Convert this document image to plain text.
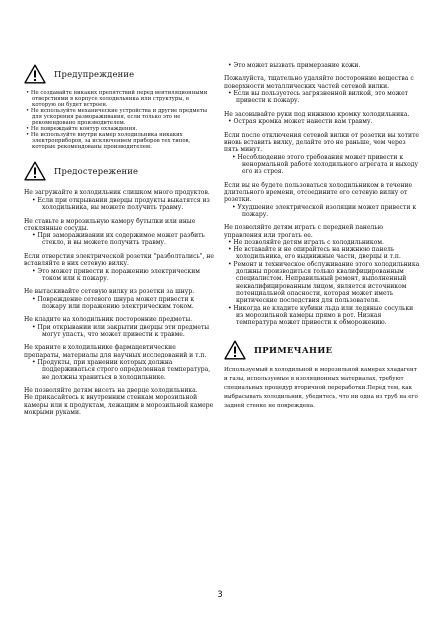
Предупреждение
• Не создавайте никаких препятствий перед вентиляционными отверстиями в корпусе холодильника или структуры, в которую он будет встроен.
• Не используйте механические устройства и другие предметы для ускорения размораживания, если только это не рекомендовано производителем.
• Не повреждайте контур охлаждения.
• Не используйте внутри камер холодильника никаких электроприборов, за исключением приборов тех типов, которые рекомендованы производителем.
Предостережение

Не загружайте в холодильник слишком много продуктов.

• Если при открывании дверцы продукты выкатятся из холодильника, вы можете получить травму.

Не ставьте в морозильную камеру бутылки или иные стеклянные сосуды.

• При замораживании их содержимое может разбить стекло, и вы можете получить травму.

Если отверстия электрической розетки "разболтались", не вставляйте в них сетевую вилку.

• Это может привести к поражению электрическим током или к пожару.

Не вытаскивайте сетевую вилку из розетки за шнур.

• Повреждение сетевого шнура может привести к пожару или поражению электрическим током.

Не кладите на холодильник посторонние предметы.

• При открывании или закрытии дверцы эти предметы могут упасть, что может привести к травме.

Не храните в холодильнике фармацевтические препараты, материалы для научных исследований и т.п.

• Продукты, при хранении которых должна поддерживаться строго определенная температура, не должны храниться в холодильнике.

Не позволяйте детям висеть на дверце холодильника.

Не прикасайтесь к внутренним стенкам морозильной камеры или к продуктам, лежащим в морозильной камере мокрыми руками.

• Это может вызвать примерзание кожи.

Пожалуйста, тщательно удаляйте посторонние вещества с поверхности металлических частей сетевой вилки.

• Если вы пользуетесь загрязненной вилкой, это может привести к пожару.

Не засовывайте руки под нижнюю кромку холодильника.

• Острая кромка может нанести вам травму.

Если после отключения сетевой вилки от розетки вы хотите вновь вставить вилку, делайте это не раньше, чем через пять минут.

• Несоблюдение этого требования может привести к ненормальной работе холодильного агрегата и выходу его из строя.

Если вы не будете пользоваться холодильником в течение длительного времени, отсоедините его сетевую вилку от розетки.

• Ухудшение электрической изоляции может привести к пожару.

Не позволяйте детям играть с передней панелью управления или трогать ее.

• Не позволяйте детям играть с холодильником.
• Не вставайте и не опирайтесь на нижнюю панель холодильника, его выдвижные части, дверцы и т.п.
• Ремонт и техническое обслуживание этого холодильника должны производиться только квалифицированным специалистом. Неправильный ремонт, выполненный неквалифицированным лицом, является источником потенциальной опасности, которая может иметь критические последствия для пользователя.
• Никогда не кладите кубики льда или ледяные сосульки из морозильной камеры прямо в рот. Низкая температура может привести к обморожению.
ПРИМЕЧАНИЕ

Используемый в холодильной и морозильной камерах хладагент и газы, используемые в изоляционных материалах, требуют специальных процедур вторичной переработки.Перед тем, как выбрасывать холодильник, убедитесь, что ни одна из труб на его задней стенке не повреждена.

3
